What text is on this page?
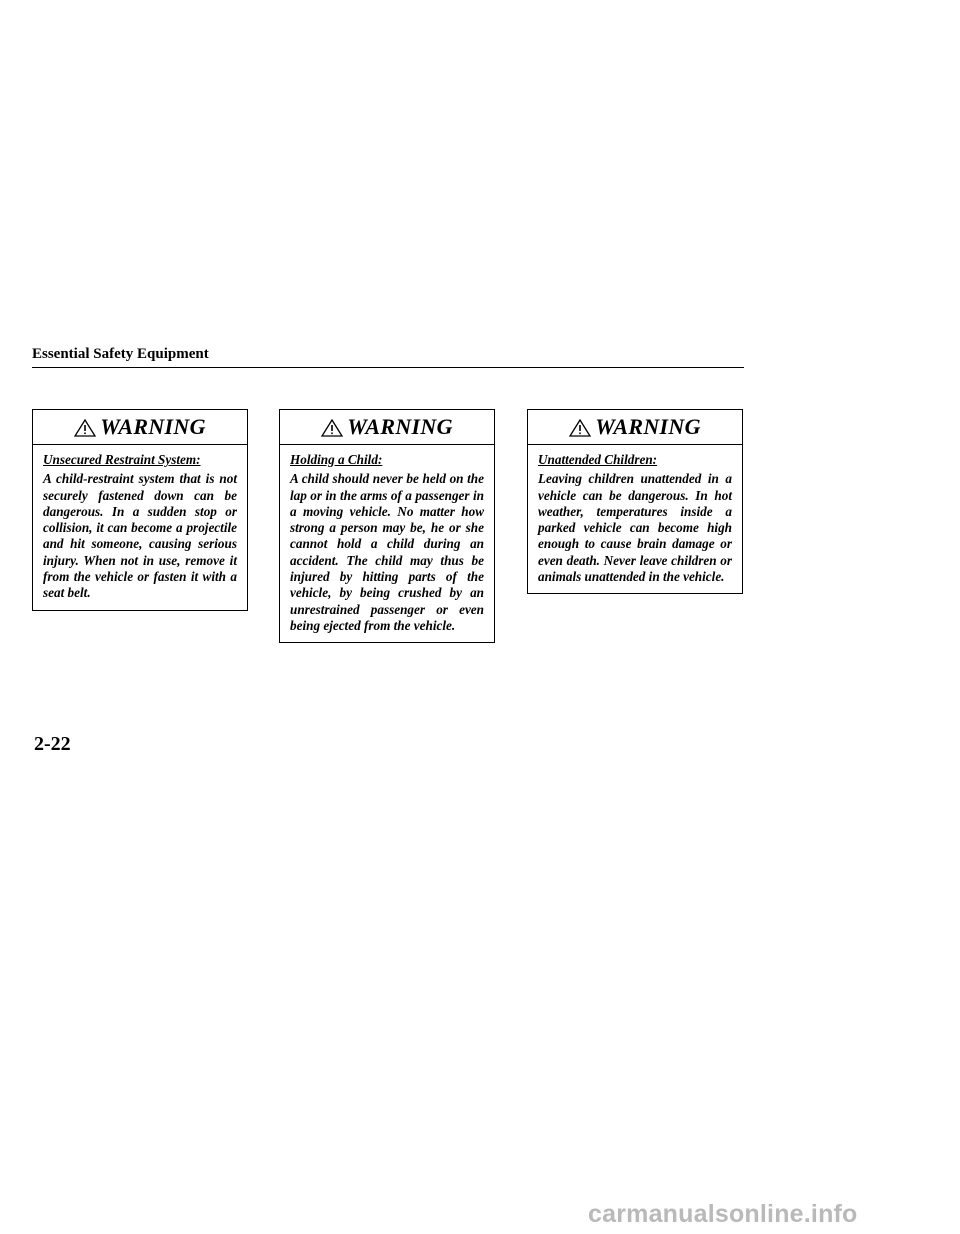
Essential Safety Equipment
WARNING
Unsecured Restraint System:
A child-restraint system that is not securely fastened down can be dangerous. In a sudden stop or collision, it can become a projectile and hit someone, causing serious injury. When not in use, remove it from the vehicle or fasten it with a seat belt.
WARNING
Holding a Child:
A child should never be held on the lap or in the arms of a passenger in a moving vehicle. No matter how strong a person may be, he or she cannot hold a child during an accident. The child may thus be injured by hitting parts of the vehicle, by being crushed by an unrestrained passenger or even being ejected from the vehicle.
WARNING
Unattended Children:
Leaving children unattended in a vehicle can be dangerous. In hot weather, temperatures inside a parked vehicle can become high enough to cause brain damage or even death. Never leave children or animals unattended in the vehicle.
2-22
carmanualsonline.info
